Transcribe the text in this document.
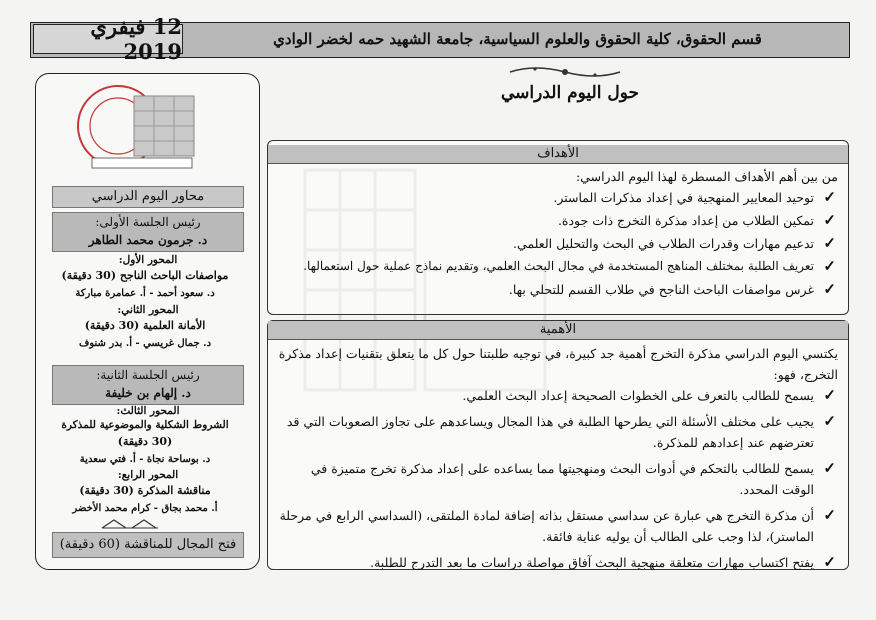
12 فيفري 2019	قسم الحقوق، كلية الحقوق والعلوم السياسية، جامعة الشهيد حمه لخضر الوادي
حول اليوم الدراسي
محاور اليوم الدراسي
رئيس الجلسة الأولى:
د. جرمون محمد الطاهر
المحور الأول:
مواصفات الباحث الناجح (30 دقيقة)
د. سعود أحمد - أ. عمامرة مباركة
المحور الثاني:
الأمانة العلمية (30 دقيقة)
د. جمال غريسي - أ. بدر شنوف
رئيس الجلسة الثانية:
د. إلهام بن خليفة
المحور الثالث:
الشروط الشكلية والموضوعية للمذكرة
(30 دقيقة)
د. بوساحة نجاة - أ. فتي سعدية
المحور الرابع:
مناقشة المذكرة (30 دقيقة)
أ. محمد بجاق - كرام محمد الأخضر
فتح المجال للمناقشة (60 دقيقة)
الأهداف
من بين أهم الأهداف المسطرة لهذا اليوم الدراسي:
✓
توحيد المعايير المنهجية في إعداد مذكرات الماستر.
✓
تمكين الطلاب من إعداد مذكرة التخرج ذات جودة.
✓
تدعيم مهارات وقدرات الطلاب في البحث والتحليل العلمي.
✓
تعريف الطلبة بمختلف المناهج المستخدمة في مجال البحث العلمي، وتقديم نماذج عملية حول استعمالها.
✓
غرس مواصفات الباحث الناجح في طلاب القسم للتحلي بها.
الأهمية
يكتسي اليوم الدراسي مذكرة التخرج أهمية جد كبيرة، في توجيه طلبتنا حول كل ما يتعلق بتقنيات إعداد مذكرة التخرج، فهو:
✓
يسمح للطالب بالتعرف على الخطوات الصحيحة إعداد البحث العلمي.
✓
يجيب على مختلف الأسئلة التي يطرحها الطلبة في هذا المجال ويساعدهم على تجاوز الصعوبات التي قد تعترضهم عند إعدادهم للمذكرة.
✓
يسمح للطالب بالتحكم في أدوات البحث ومنهجيتها مما يساعده على إعداد مذكرة تخرج متميزة في الوقت المحدد.
✓
أن مذكرة التخرج هي عبارة عن سداسي مستقل بذاته إضافة لمادة الملتقى، (السداسي الرابع في مرحلة الماستر)، لذا وجب على الطالب أن يوليه عناية فائقة.
✓
يفتح اكتساب مهارات متعلقة منهجية البحث آفاق مواصلة دراسات ما بعد التدرج للطلبة.
